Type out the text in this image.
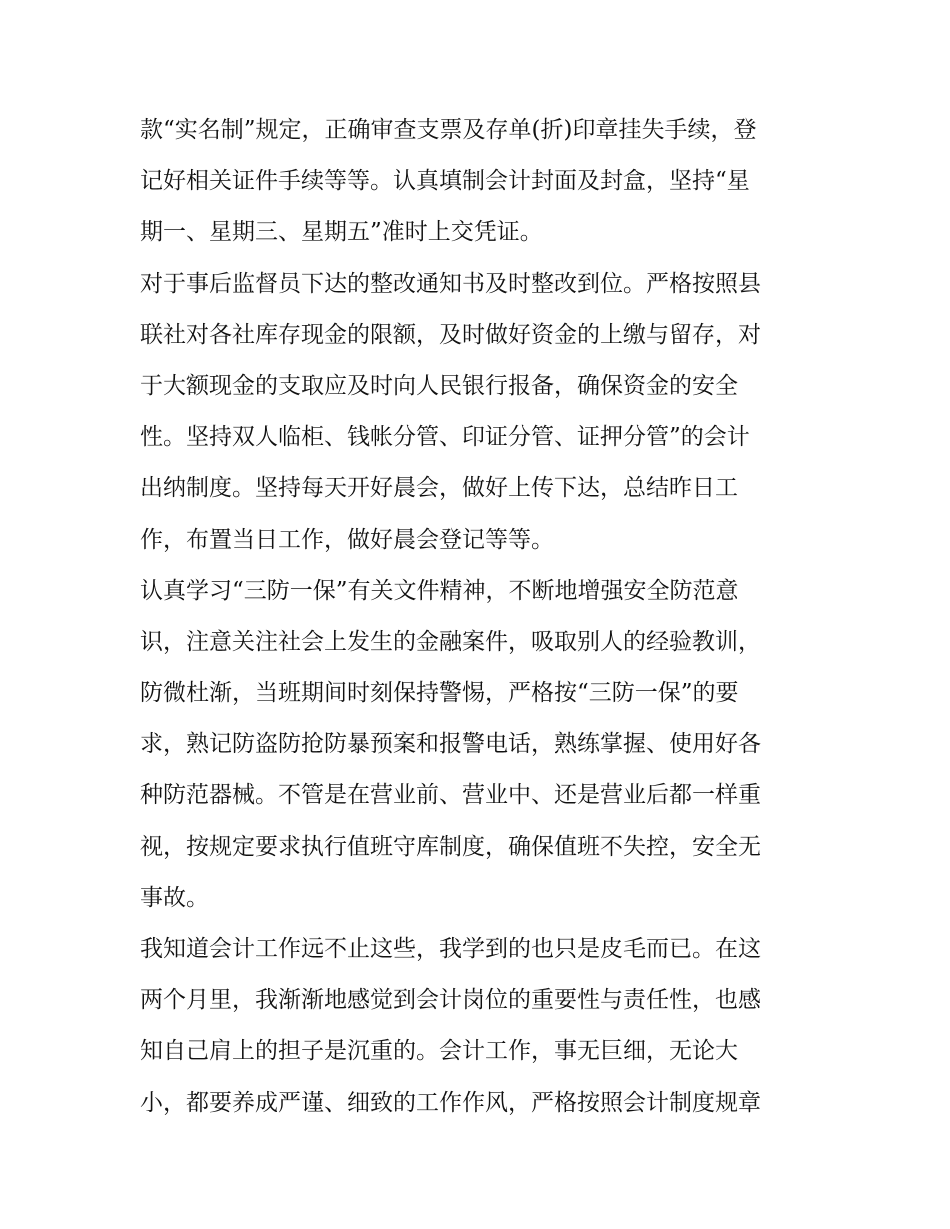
款“实名制”规定，正确审查支票及存单(折)印章挂失手续，登
记好相关证件手续等等。认真填制会计封面及封盒，坚持“星
期一、星期三、星期五”准时上交凭证。
对于事后监督员下达的整改通知书及时整改到位。严格按照县
联社对各社库存现金的限额，及时做好资金的上缴与留存，对
于大额现金的支取应及时向人民银行报备，确保资金的安全
性。坚持双人临柜、钱帐分管、印证分管、证押分管”的会计
出纳制度。坚持每天开好晨会，做好上传下达，总结昨日工
作，布置当日工作，做好晨会登记等等。
认真学习“三防一保”有关文件精神，不断地增强安全防范意
识，注意关注社会上发生的金融案件，吸取别人的经验教训，
防微杜渐，当班期间时刻保持警惕，严格按“三防一保”的要
求，熟记防盗防抢防暴预案和报警电话，熟练掌握、使用好各
种防范器械。不管是在营业前、营业中、还是营业后都一样重
视，按规定要求执行值班守库制度，确保值班不失控，安全无
事故。
我知道会计工作远不止这些，我学到的也只是皮毛而已。在这
两个月里，我渐渐地感觉到会计岗位的重要性与责任性，也感
知自己肩上的担子是沉重的。会计工作，事无巨细，无论大
小，都要养成严谨、细致的工作作风，严格按照会计制度规章
